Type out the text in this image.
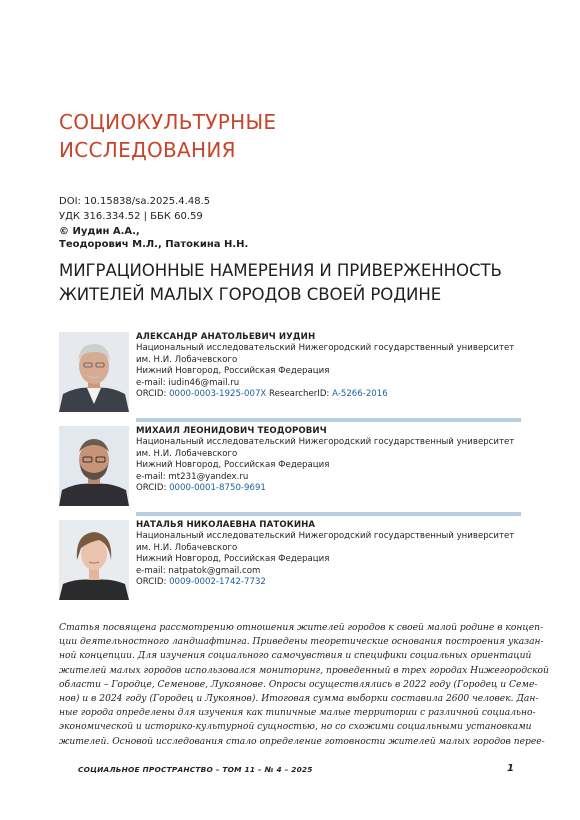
СОЦИОКУЛЬТУРНЫЕ
ИССЛЕДОВАНИЯ
DOI: 10.15838/sa.2025.4.48.5
УДК 316.334.52 | ББК 60.59
© Иудин А.А.,
Теодорович М.Л., Патокина Н.Н.
МИГРАЦИОННЫЕ НАМЕРЕНИЯ И ПРИВЕРЖЕННОСТЬ
ЖИТЕЛЕЙ МАЛЫХ ГОРОДОВ СВОЕЙ РОДИНЕ
АЛЕКСАНДР АНАТОЛЬЕВИЧ ИУДИН
Национальный исследовательский Нижегородский государственный университет
им. Н.И. Лобачевского
Нижний Новгород, Российская Федерация
e-mail: iudin46@mail.ru
ORCID: 0000-0003-1925-007X ResearcherID: A-5266-2016
МИХАИЛ ЛЕОНИДОВИЧ ТЕОДОРОВИЧ
Национальный исследовательский Нижегородский государственный университет
им. Н.И. Лобачевского
Нижний Новгород, Российская Федерация
e-mail: mt231@yandex.ru
ORCID: 0000-0001-8750-9691
НАТАЛЬЯ НИКОЛАЕВНА ПАТОКИНА
Национальный исследовательский Нижегородский государственный университет
им. Н.И. Лобачевского
Нижний Новгород, Российская Федерация
e-mail: natpatok@gmail.com
ORCID: 0009-0002-1742-7732
Статья посвящена рассмотрению отношения жителей городов к своей малой родине в концеп-
ции деятельностного ландшафтинга. Приведены теоретические основания построения указан-
ной концепции. Для изучения социального самочувствия и специфики социальных ориентаций
жителей малых городов использовался мониторинг, проведенный в трех городах Нижегородской
области – Городце, Семенове, Лукоянове. Опросы осуществлялись в 2022 году (Городец и Семе-
нов) и в 2024 году (Городец и Лукоянов). Итоговая сумма выборки составила 2600 человек. Дан-
ные города определены для изучения как типичные малые территории с различной социально-
экономической и историко-культурной сущностью, но со схожими социальными установками
жителей. Основой исследования стало определение готовности жителей малых городов переe-
СОЦИАЛЬНОЕ ПРОСТРАНСТВО – ТОМ 11 – № 4 – 2025	1
